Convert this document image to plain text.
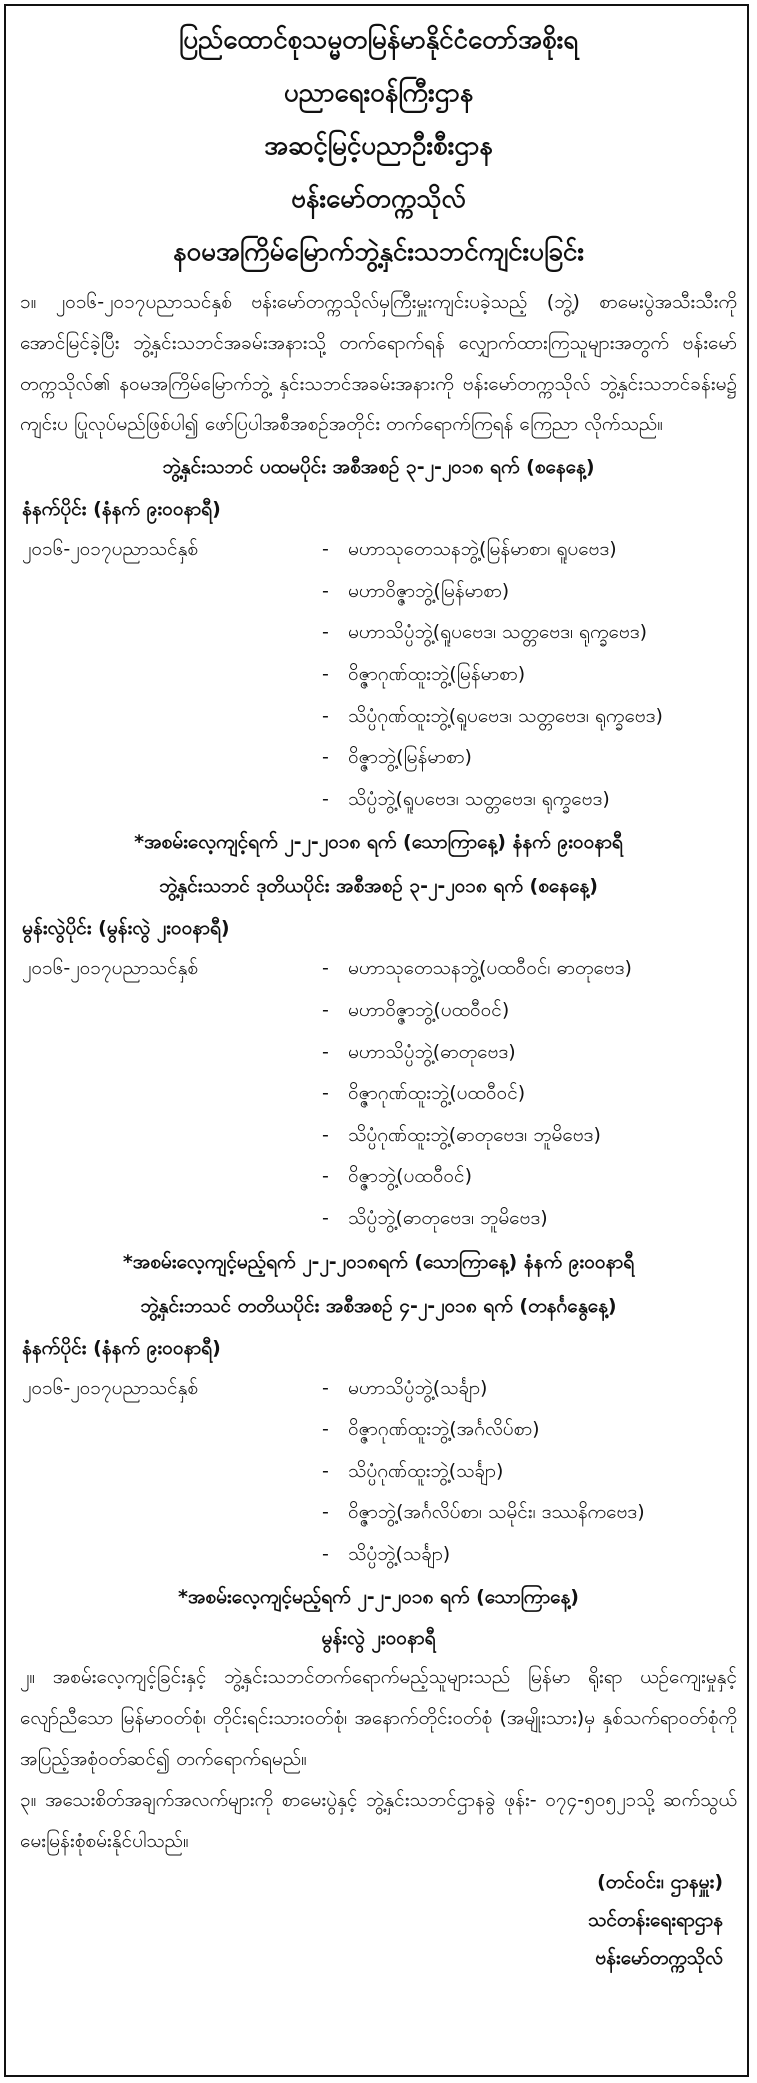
ပြည်ထောင်စုသမ္မတမြန်မာနိုင်ငံတော်အစိုးရ
ပညာရေးဝန်ကြီးဌာန
အဆင့်မြင့်ပညာဦးစီးဌာန
ဗန်းမော်တက္ကသိုလ်
နဝမအကြိမ်မြောက်ဘွဲ့နှင်းသဘင်ကျင်းပခြင်း
၁။ ၂၀၁၆-၂၀၁၇ပညာသင်နှစ် ဗန်းမော်တက္ကသိုလ်မှကြီးမှူးကျင်းပခဲ့သည့် (ဘွဲ့) စာမေးပွဲအသီးသီးကို အောင်မြင်ခဲ့ပြီး ဘွဲ့နှင်းသဘင်အခမ်းအနားသို့ တက်ရောက်ရန် လျှောက်ထားကြသူများအတွက် ဗန်းမော်တက္ကသိုလ်၏ နဝမအကြိမ်မြောက်ဘွဲ့ နှင်းသဘင်အခမ်းအနားကို ဗန်းမော်တက္ကသိုလ် ဘွဲ့နှင်းသဘင်ခန်းမ၌ ကျင်းပ ပြုလုပ်မည်ဖြစ်ပါ၍ ဖော်ပြပါအစီအစဉ်အတိုင်း တက်ရောက်ကြရန် ကြေညာ လိုက်သည်။
ဘွဲ့နှင်းသဘင် ပထမပိုင်း အစီအစဉ် ၃-၂-၂၀၁၈ ရက် (စနေနေ့)
နံနက်ပိုင်း (နံနက် ၉း၀၀နာရီ)
၂၀၁၆-၂၀၁၇ပညာသင်နှစ်	-	မဟာသုတေသနဘွဲ့(မြန်မာစာ၊ ရူပဗေဒ)
-	မဟာဝိဇ္ဇာဘွဲ့(မြန်မာစာ)
-	မဟာသိပ္ပံဘွဲ့(ရူပဗေဒ၊ သတ္တဗေဒ၊ ရုက္ခဗေဒ)
-	ဝိဇ္ဇာဂုဏ်ထူးဘွဲ့(မြန်မာစာ)
-	သိပ္ပံဂုဏ်ထူးဘွဲ့(ရူပဗေဒ၊ သတ္တဗေဒ၊ ရုက္ခဗေဒ)
-	ဝိဇ္ဇာဘွဲ့(မြန်မာစာ)
-	သိပ္ပံဘွဲ့(ရူပဗေဒ၊ သတ္တဗေဒ၊ ရုက္ခဗေဒ)
*အစမ်းလေ့ကျင့်ရက် ၂-၂-၂၀၁၈ ရက် (သောကြာနေ့) နံနက် ၉း၀၀နာရီ
ဘွဲ့နှင်းသဘင် ဒုတိယပိုင်း အစီအစဉ် ၃-၂-၂၀၁၈ ရက် (စနေနေ့)
မွန်းလွဲပိုင်း (မွန်းလွဲ ၂း၀၀နာရီ)
၂၀၁၆-၂၀၁၇ပညာသင်နှစ်	-	မဟာသုတေသနဘွဲ့(ပထဝီဝင်၊ ဓာတုဗေဒ)
-	မဟာဝိဇ္ဇာဘွဲ့(ပထဝီဝင်)
-	မဟာသိပ္ပံဘွဲ့(ဓာတုဗေဒ)
-	ဝိဇ္ဇာဂုဏ်ထူးဘွဲ့(ပထဝီဝင်)
-	သိပ္ပံဂုဏ်ထူးဘွဲ့(ဓာတုဗေဒ၊ ဘူမိဗေဒ)
-	ဝိဇ္ဇာဘွဲ့(ပထဝီဝင်)
-	သိပ္ပံဘွဲ့(ဓာတုဗေဒ၊ ဘူမိဗေဒ)
*အစမ်းလေ့ကျင့်မည့်ရက် ၂-၂-၂၀၁၈ရက် (သောကြာနေ့) နံနက် ၉း၀၀နာရီ
ဘွဲ့နှင်းဘသင် တတိယပိုင်း အစီအစဉ် ၄-၂-၂၀၁၈ ရက် (တနင်္ဂနွေနေ့)
နံနက်ပိုင်း (နံနက် ၉း၀၀နာရီ)
၂၀၁၆-၂၀၁၇ပညာသင်နှစ်	-	မဟာသိပ္ပံဘွဲ့(သင်္ချာ)
-	ဝိဇ္ဇာဂုဏ်ထူးဘွဲ့(အင်္ဂလိပ်စာ)
-	သိပ္ပံဂုဏ်ထူးဘွဲ့(သင်္ချာ)
-	ဝိဇ္ဇာဘွဲ့(အင်္ဂလိပ်စာ၊ သမိုင်း၊ ဒဿနိကဗေဒ)
-	သိပ္ပံဘွဲ့(သင်္ချာ)
*အစမ်းလေ့ကျင့်မည့်ရက် ၂-၂-၂၀၁၈ ရက် (သောကြာနေ့)
မွန်းလွဲ ၂း၀၀နာရီ
၂။ အစမ်းလေ့ကျင့်ခြင်းနှင့် ဘွဲ့နှင်းသဘင်တက်ရောက်မည့်သူများသည် မြန်မာ ရိုးရာ ယဉ်ကျေးမှုနှင့် လျော်ညီသော မြန်မာဝတ်စုံ၊ တိုင်းရင်းသားဝတ်စုံ၊ အနောက်တိုင်းဝတ်စုံ (အမျိုးသား)မှ နှစ်သက်ရာဝတ်စုံကို အပြည့်အစုံဝတ်ဆင်၍ တက်ရောက်ရမည်။
၃။ အသေးစိတ်အချက်အလက်များကို စာမေးပွဲနှင့် ဘွဲ့နှင်းသဘင်ဌာနခွဲ ဖုန်း- ၀၇၄-၅၀၅၂၁သို့ ဆက်သွယ်မေးမြန်းစုံစမ်းနိုင်ပါသည်။
(တင်ဝင်း၊ ဌာနမှူး)
သင်တန်းရေးရာဌာန
ဗန်းမော်တက္ကသိုလ်
